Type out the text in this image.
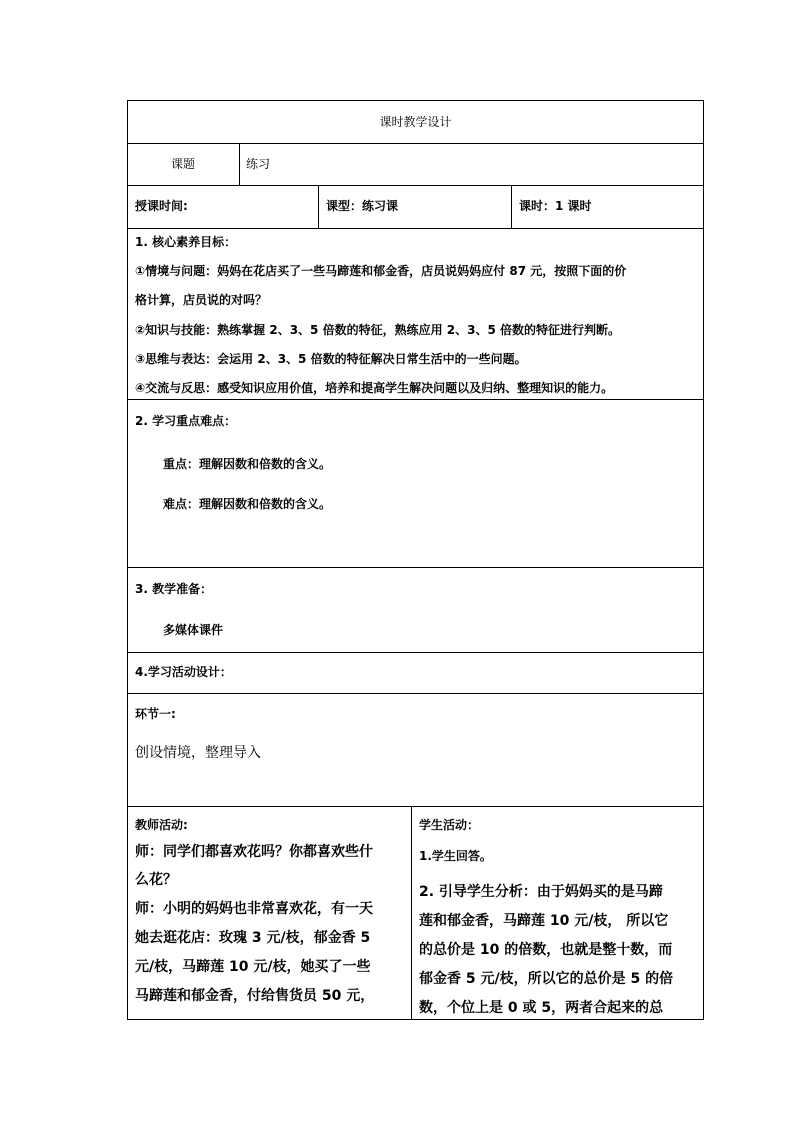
课时教学设计
课题	练习
授课时间:	课型：练习课	课时：1 课时
1. 核心素养目标：
①情境与问题：妈妈在花店买了一些马蹄莲和郁金香，店员说妈妈应付 87 元，按照下面的价
格计算，店员说的对吗？
②知识与技能：熟练掌握 2、3、5 倍数的特征，熟练应用 2、3、5 倍数的特征进行判断。
③思维与表达：会运用 2、3、5 倍数的特征解决日常生活中的一些问题。
④交流与反思：感受知识应用价值，培养和提高学生解决问题以及归纳、整理知识的能力。
2. 学习重点难点：
重点：理解因数和倍数的含义。
难点：理解因数和倍数的含义。
3. 教学准备：
多媒体课件
4.学习活动设计：
环节一:
创设情境，整理导入
教师活动:
师：同学们都喜欢花吗？你都喜欢些什
么花？
师：小明的妈妈也非常喜欢花，有一天
她去逛花店：玫瑰 3 元/枝，郁金香 5
元/枝，马蹄莲 10 元/枝，她买了一些
马蹄莲和郁金香，付给售货员 50 元，
学生活动：
1.学生回答。
2. 引导学生分析：由于妈妈买的是马蹄
莲和郁金香，马蹄莲 10 元/枝， 所以它
的总价是 10 的倍数，也就是整十数，而
郁金香 5 元/枝，所以它的总价是 5 的倍
数，个位上是 0 或 5，两者合起来的总
